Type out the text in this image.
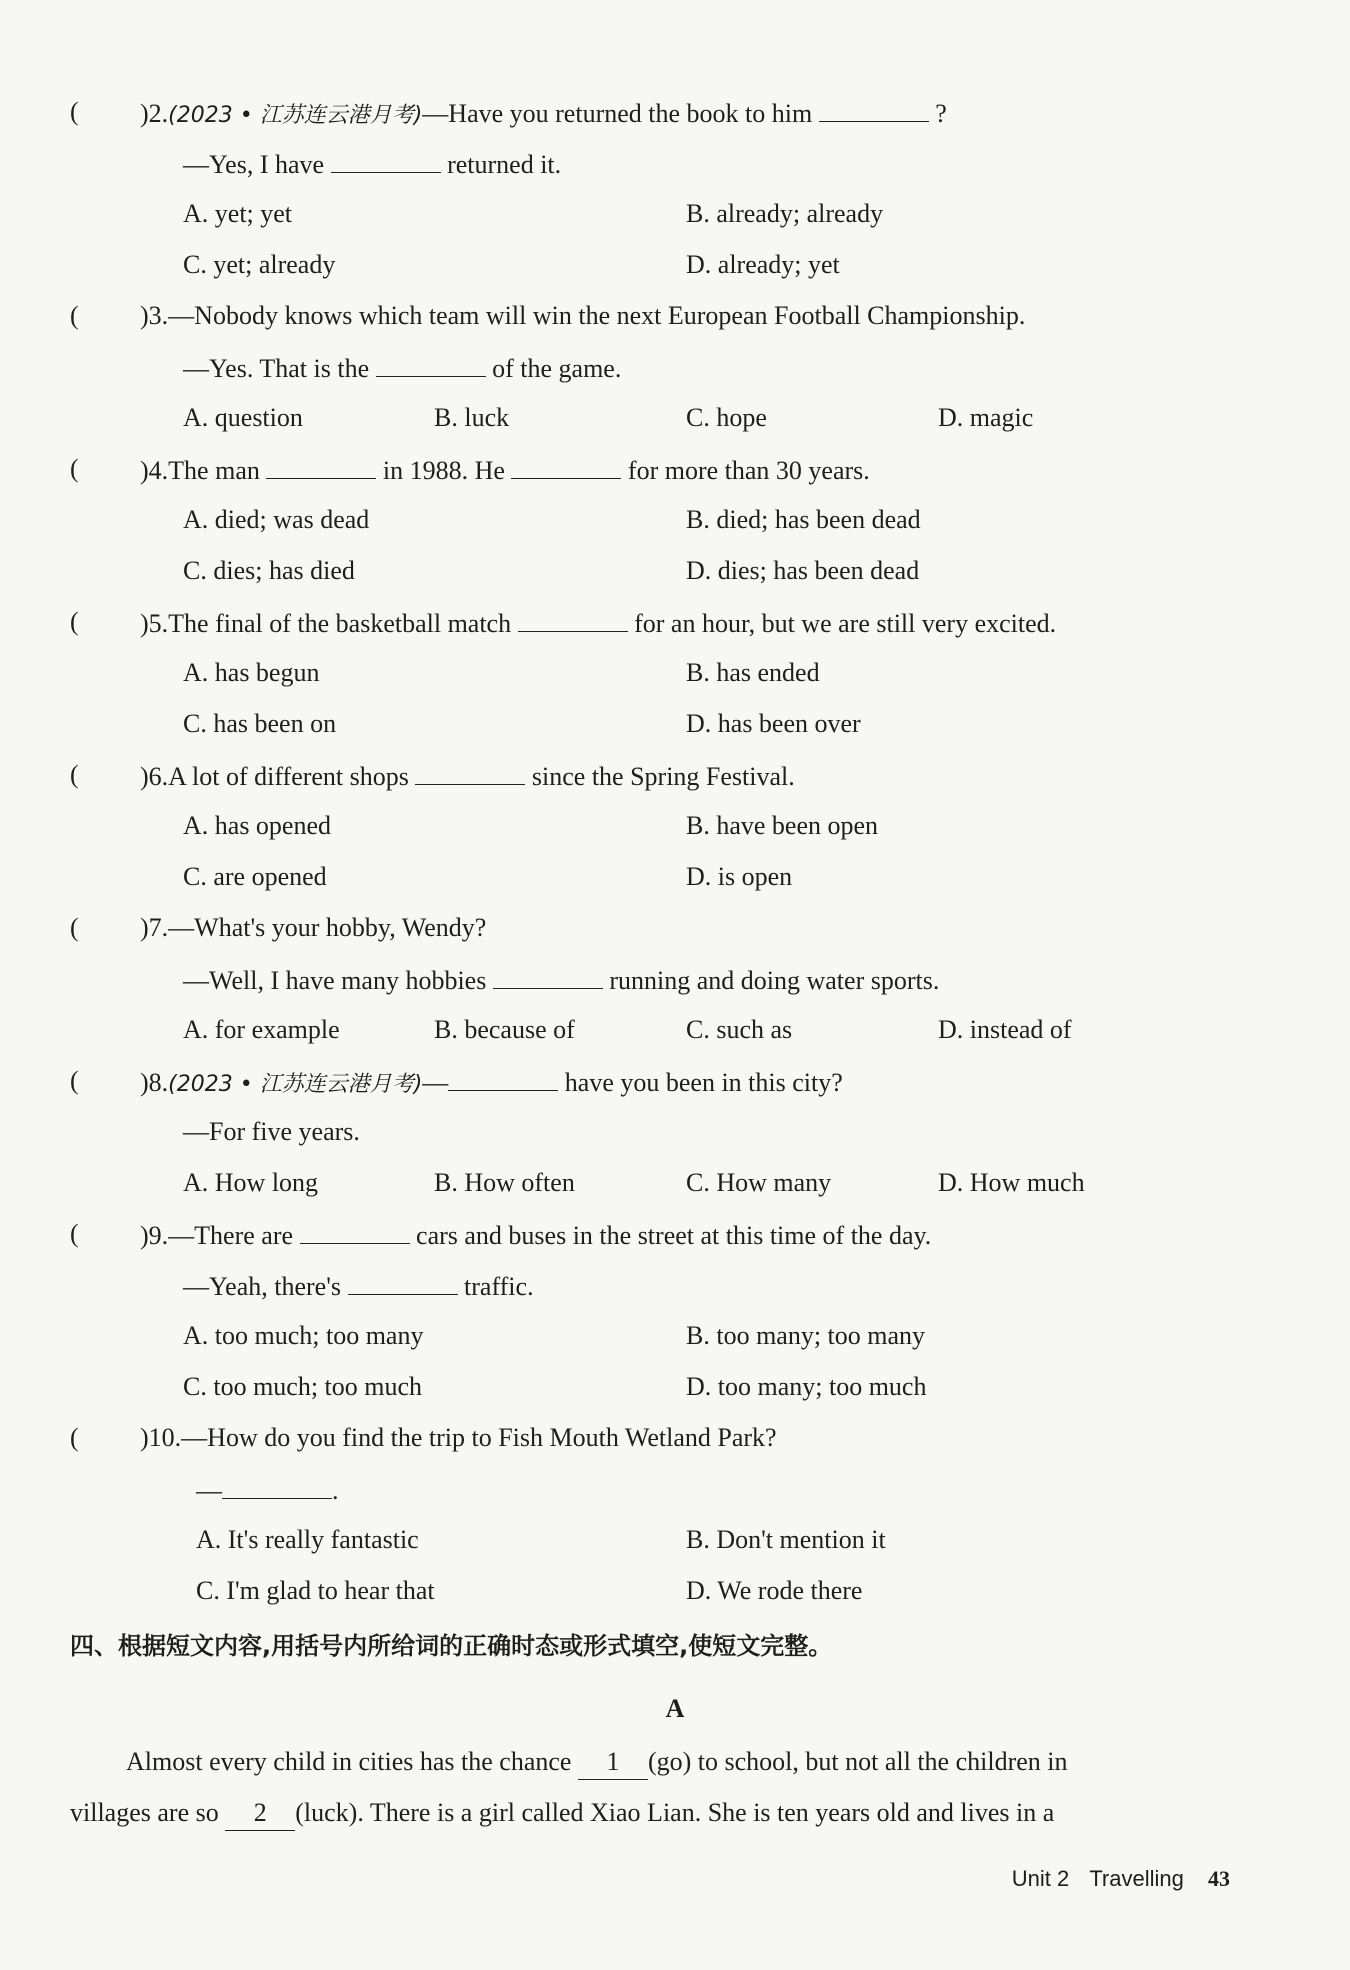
( )2.(2023 • 江苏连云港月考)—Have you returned the book to him	?
—Yes, I have	returned it.
A. yet; yet	B. already; already
C. yet; already	D. already; yet
( )3.—Nobody knows which team will win the next European Football Championship.
—Yes. That is the	of the game.
A. question	B. luck	C. hope	D. magic
( )4.The man	in 1988. He	for more than 30 years.
A. died; was dead	B. died; has been dead
C. dies; has died	D. dies; has been dead
( )5.The final of the basketball match	for an hour, but we are still very excited.
A. has begun	B. has ended
C. has been on	D. has been over
( )6.A lot of different shops	since the Spring Festival.
A. has opened	B. have been open
C. are opened	D. is open
( )7.—What's your hobby, Wendy?
—Well, I have many hobbies	running and doing water sports.
A. for example	B. because of	C. such as	D. instead of
( )8.(2023 • 江苏连云港月考)—	have you been in this city?
—For five years.
A. How long	B. How often	C. How many	D. How much
( )9.—There are	cars and buses in the street at this time of the day.
—Yeah, there's	traffic.
A. too much; too many	B. too many; too many
C. too much; too much	D. too many; too much
( )10.—How do you find the trip to Fish Mouth Wetland Park?
—	.
A. It's really fantastic	B. Don't mention it
C. I'm glad to hear that	D. We rode there
四、根据短文内容,用括号内所给词的正确时态或形式填空,使短文完整。
A
Almost every child in cities has the chance 1 (go) to school, but not all the children in
villages are so 2 (luck). There is a girl called Xiao Lian. She is ten years old and lives in a
Unit 2 Travelling 43
